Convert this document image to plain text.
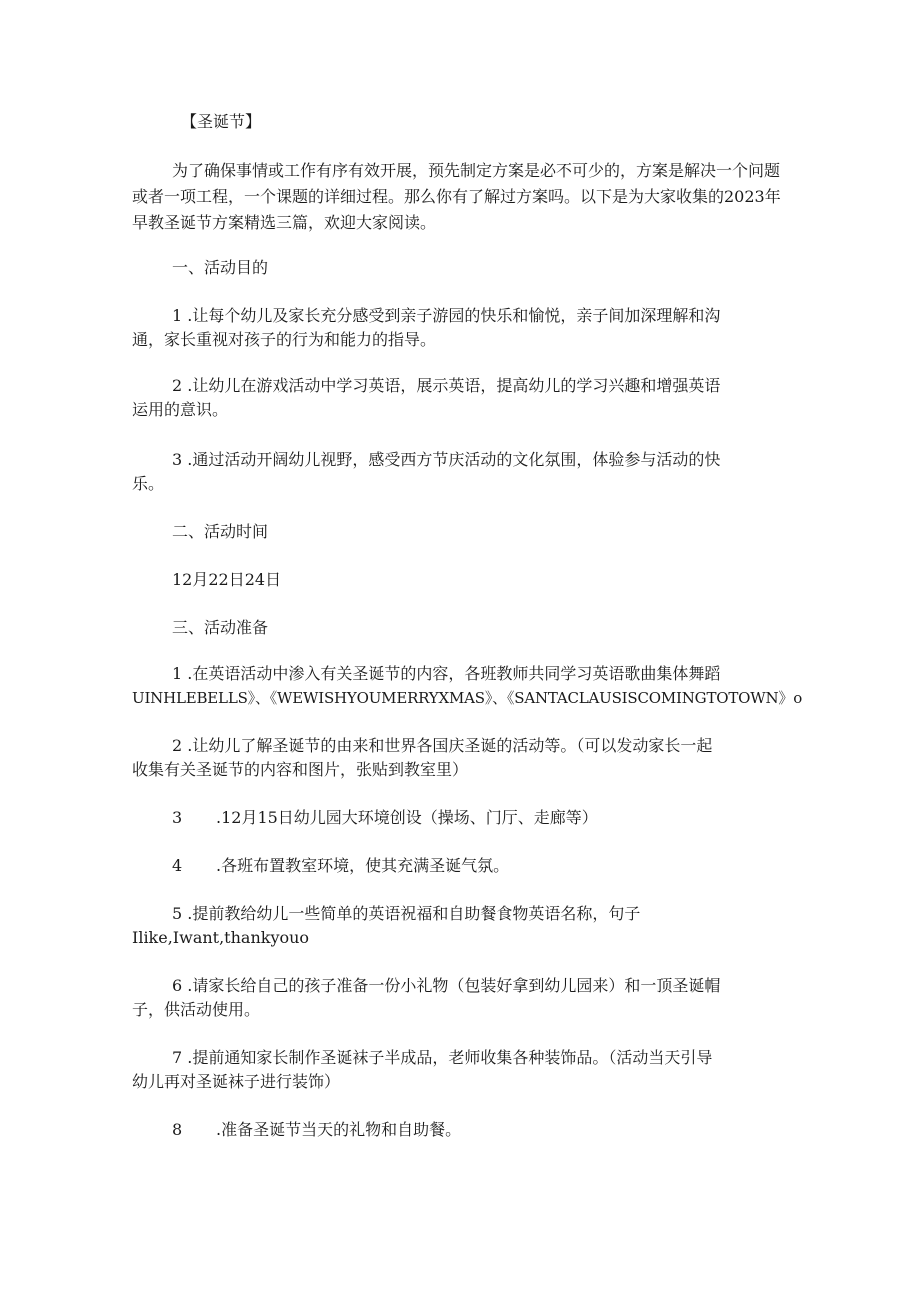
【圣诞节】
为了确保事情或工作有序有效开展，预先制定方案是必不可少的，方案是解决一个问题或者一项工程，一个课题的详细过程。那么你有了解过方案吗。以下是为大家收集的2023年早教圣诞节方案精选三篇，欢迎大家阅读。
一、活动目的
1 .让每个幼儿及家长充分感受到亲子游园的快乐和愉悦，亲子间加深理解和沟
通，家长重视对孩子的行为和能力的指导。
2 .让幼儿在游戏活动中学习英语，展示英语，提高幼儿的学习兴趣和增强英语
运用的意识。
3 .通过活动开阔幼儿视野，感受西方节庆活动的文化氛围，体验参与活动的快
乐。
二、活动时间
12月22日24日
三、活动准备
1 .在英语活动中渗入有关圣诞节的内容，各班教师共同学习英语歌曲集体舞蹈
UINHLEBELLS》、《WEWISHYOUMERRYXMAS》、《SANTACLAUSISCOMINGTOTOWN》o
2 .让幼儿了解圣诞节的由来和世界各国庆圣诞的活动等。（可以发动家长一起
收集有关圣诞节的内容和图片，张贴到教室里）
3 .12月15日幼儿园大环境创设（操场、门厅、走廊等）
4 .各班布置教室环境，使其充满圣诞气氛。
5 .提前教给幼儿一些简单的英语祝福和自助餐食物英语名称，句子
Ilike,Iwant,thankyouo
6 .请家长给自己的孩子准备一份小礼物（包装好拿到幼儿园来）和一顶圣诞帽
子，供活动使用。
7 .提前通知家长制作圣诞袜子半成品，老师收集各种装饰品。（活动当天引导
幼儿再对圣诞袜子进行装饰）
8 .准备圣诞节当天的礼物和自助餐。
